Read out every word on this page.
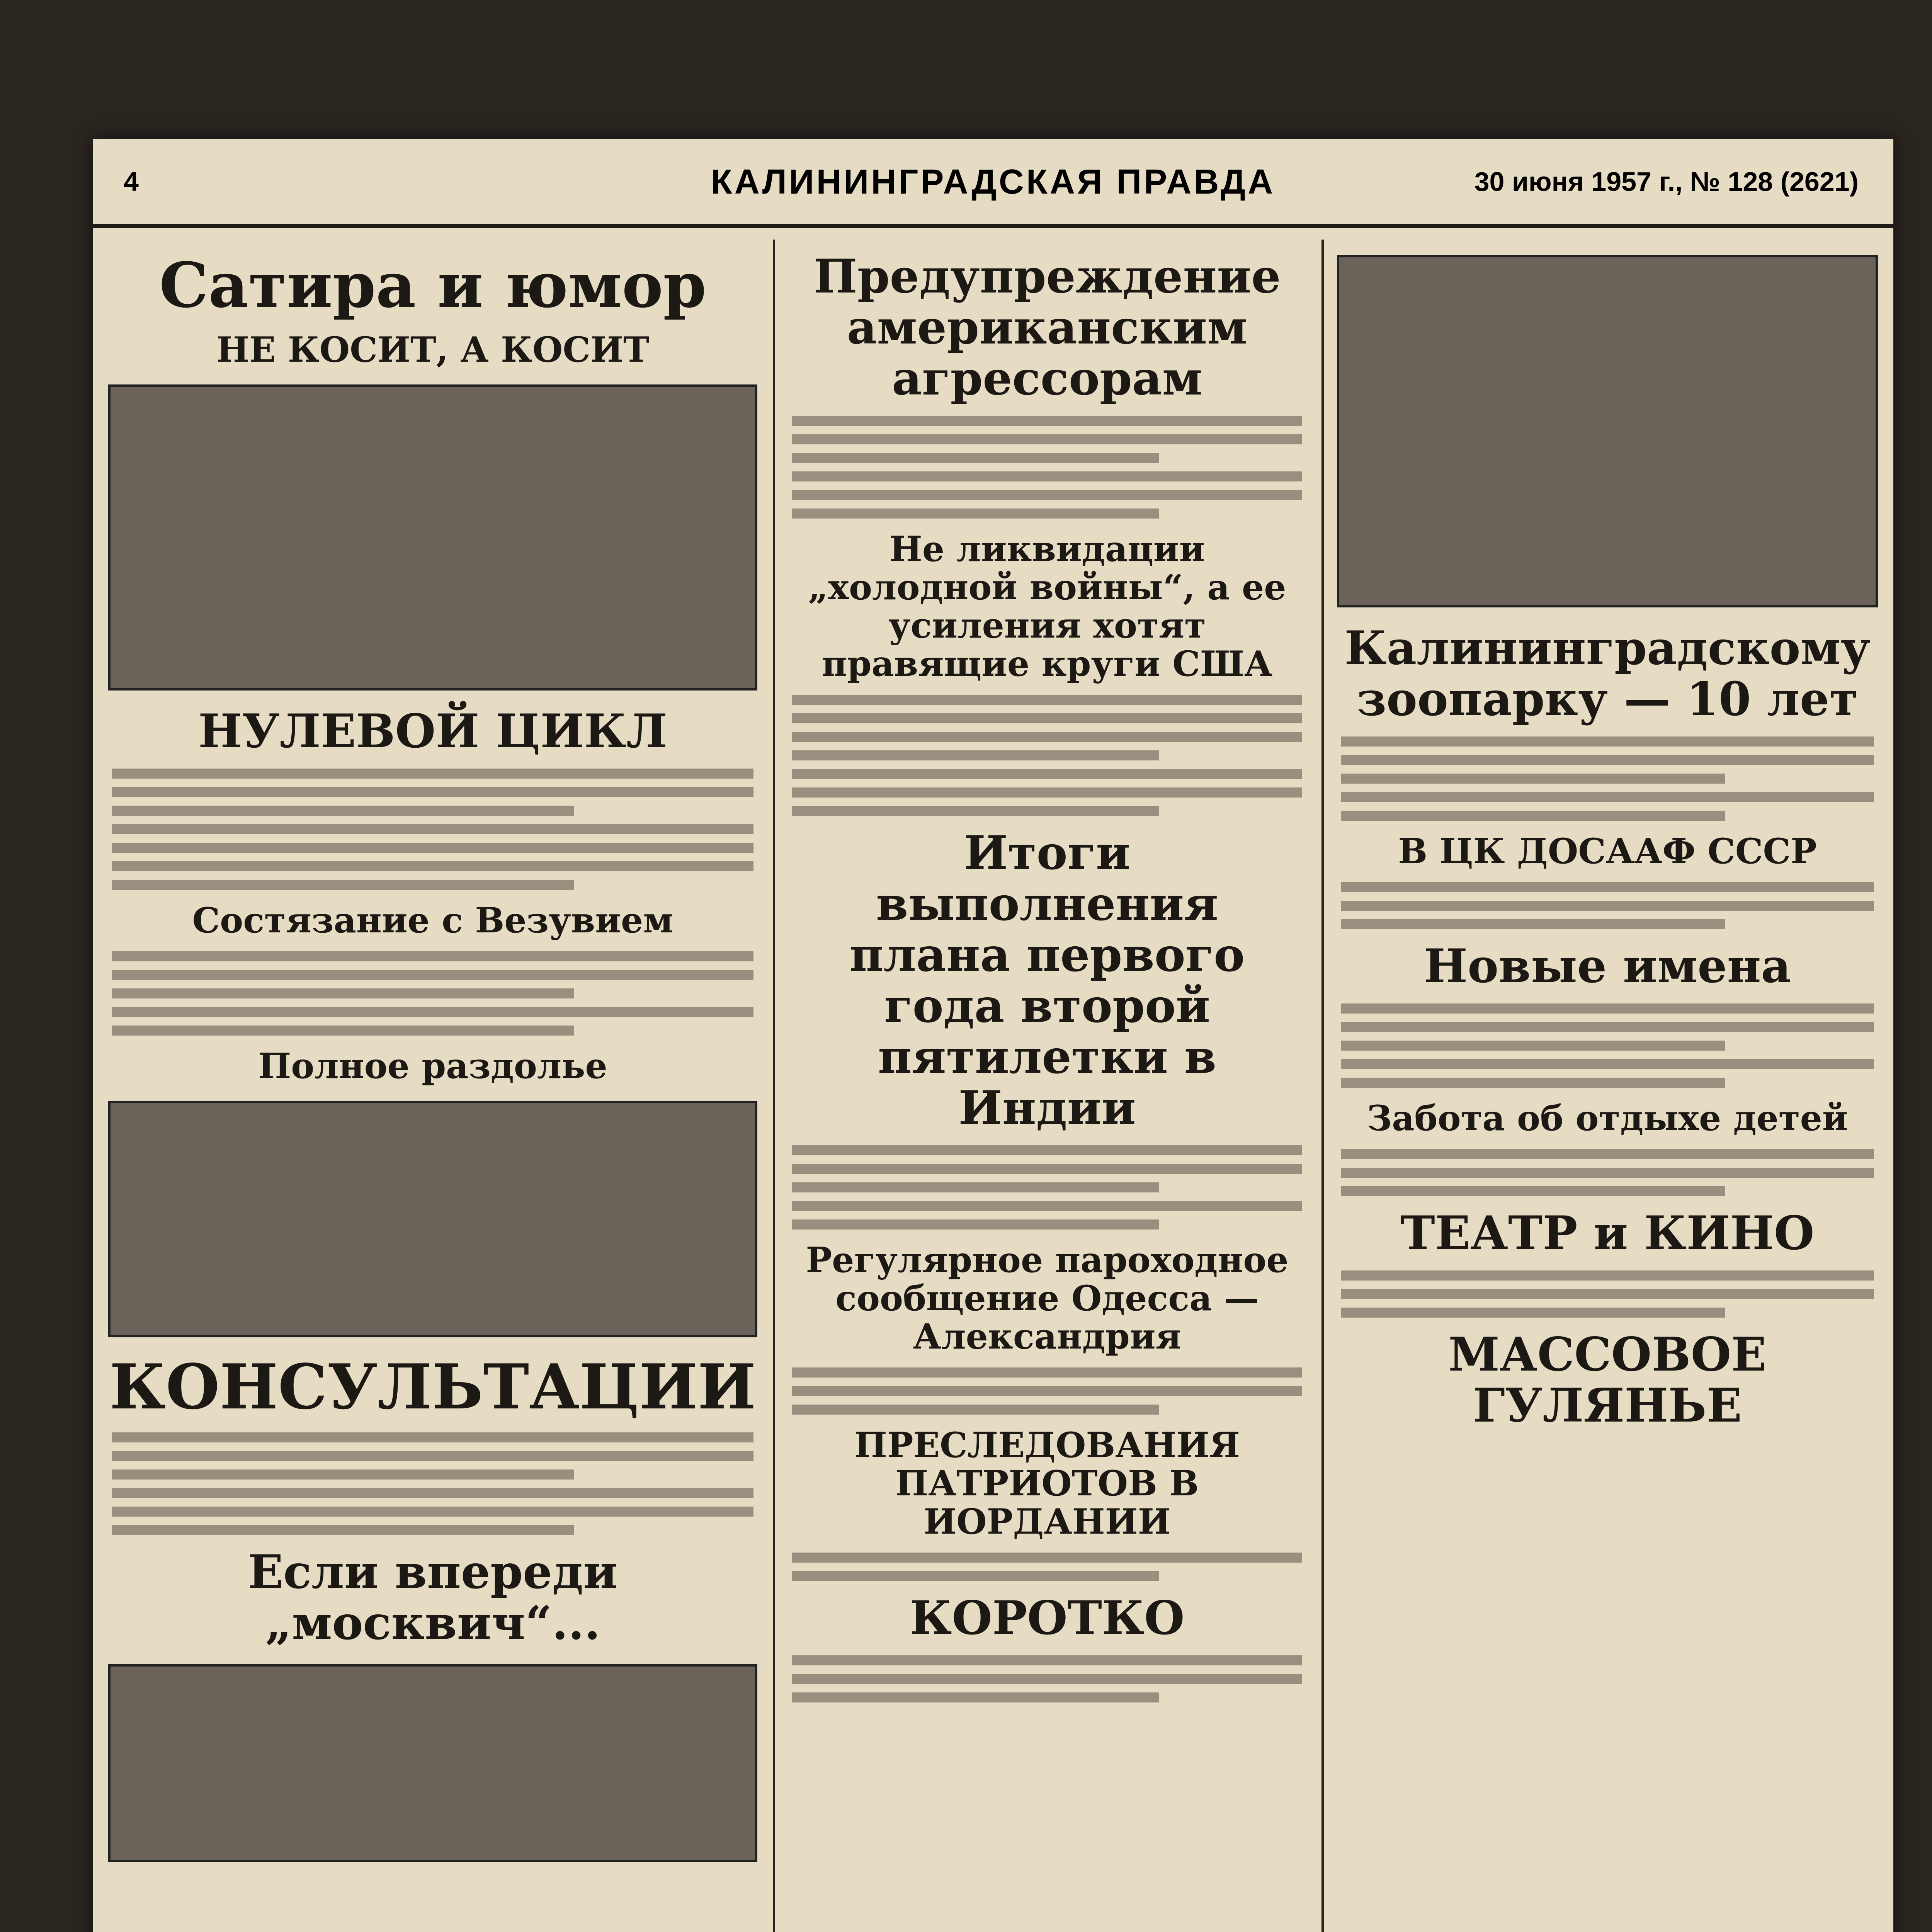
4	КАЛИНИНГРАДСКАЯ ПРАВДА	30 июня 1957 г., № 128 (2621)
Сатира и юмор
НЕ КОСИТ, А КОСИТ
НУЛЕВОЙ ЦИКЛ
Состязание с Везувием
Полное раздолье
КОНСУЛЬТАЦИИ
Если впереди „москвич“...
Предупреждение американским агрессорам
Не ликвидации „холодной войны“, а ее усиления хотят правящие круги США
Итоги выполнения плана первого года второй пятилетки в Индии
Регулярное пароходное сообщение Одесса — Александрия
ПРЕСЛЕДОВАНИЯ ПАТРИОТОВ В ИОРДАНИИ
КОРОТКО
Калининградскому зоопарку — 10 лет
В ЦК ДОСААФ СССР
Новые имена
Забота об отдыхе детей
ТЕАТР и КИНО
МАССОВОЕ ГУЛЯНЬЕ
